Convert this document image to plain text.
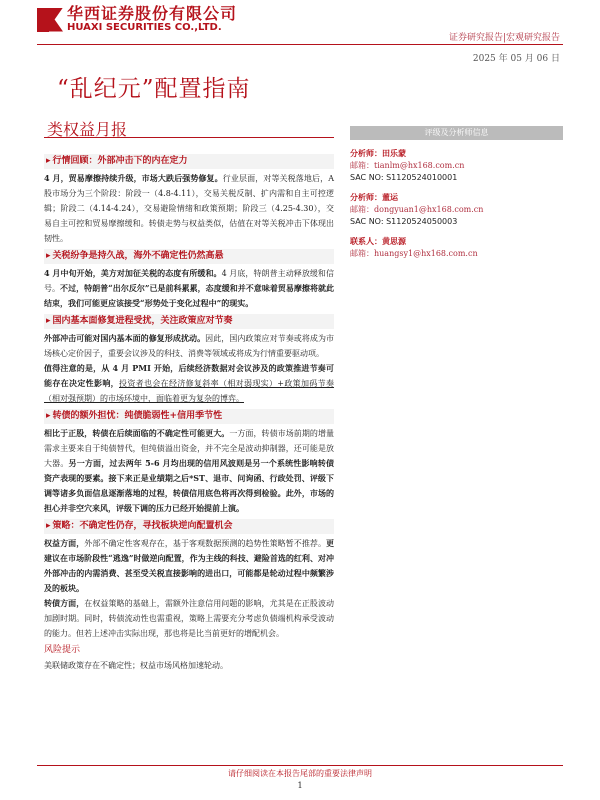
华西证券股份有限公司
HUAXI SECURITIES CO.,LTD.
证券研究报告|宏观研究报告
2025 年 05 月 06 日
“乱纪元”配置指南
类权益月报
▸ 行情回顾：外部冲击下的内在定力

4 月，贸易摩擦持续升级，市场大跌后强势修复。行业层面，对等关税落地后，A 股市场分为三个阶段：阶段一（4.8-4.11），交易关税反制、扩内需和自主可控逻辑；阶段二（4.14-4.24），交易避险情绪和政策预期；阶段三（4.25-4.30），交易自主可控和贸易摩擦缓和。转债走势与权益类似，估值在对等关税冲击下体现出韧性。

▸ 关税纷争是持久战，海外不确定性仍然高悬

4 月中旬开始，美方对加征关税的态度有所缓和。4 月底，特朗普主动释放缓和信号。不过，特朗普“出尔反尔”已是前科累累，态度缓和并不意味着贸易摩擦将就此结束，我们可能更应该接受“形势处于变化过程中”的现实。

▸ 国内基本面修复进程受扰，关注政策应对节奏

外部冲击可能对国内基本面的修复形成扰动。因此，国内政策应对节奏或将成为市场核心定价因子，重要会议涉及的科技、消费等领域或将成为行情重要驱动项。

值得注意的是，从 4 月 PMI 开始，后续经济数据对会议涉及的政策推进节奏可能存在决定性影响，投资者也会在经济修复斜率（相对弱现实）+政策加码节奏（相对强预期）的市场环境中，面临着更为复杂的博弈。

▸ 转债的额外担忧：纯债脆弱性+信用季节性

相比于正股，转债在后续面临的不确定性可能更大。一方面，转债市场前期的增量需求主要来自于纯债替代，但纯债溢出资金，并不完全是波动抑制器，还可能是放大器。另一方面，过去两年 5-6 月均出现的信用风波则是另一个系统性影响转债资产表现的要素。接下来正是业绩期之后*ST、退市、问询函、行政处罚、评级下调等诸多负面信息逐渐落地的过程，转债信用底色将再次得到检验。此外，市场的担心并非空穴来风，评级下调的压力已经开始提前上演。

▸ 策略：不确定性仍存，寻找板块逆向配置机会

权益方面，外部不确定性客观存在，基于客观数据预测的趋势性策略暂不推荐。更建议在市场阶段性“逃逸”时做逆向配置，作为主线的科技、避险首选的红利、对冲外部冲击的内需消费、甚至受关税直接影响的进出口，可能都是轮动过程中频繁涉及的板块。

转债方面，在权益策略的基础上，需额外注意信用问题的影响，尤其是在正股波动加剧时期。同时，转债流动性也需重视，策略上需要充分考虑负债端机构承受波动的能力。但若上述冲击实际出现，那也将是比当前更好的增配机会。

风险提示

美联储政策存在不确定性；权益市场风格加速轮动。

评级及分析师信息
分析师：田乐蒙
邮箱：tianlm@hx168.com.cn
SAC NO: S1120524010001
分析师：董运
邮箱：dongyuan1@hx168.com.cn
SAC NO: S1120524050003
联系人：黄思源
邮箱：huangsy1@hx168.com.cn
请仔细阅读在本报告尾部的重要法律声明
1
